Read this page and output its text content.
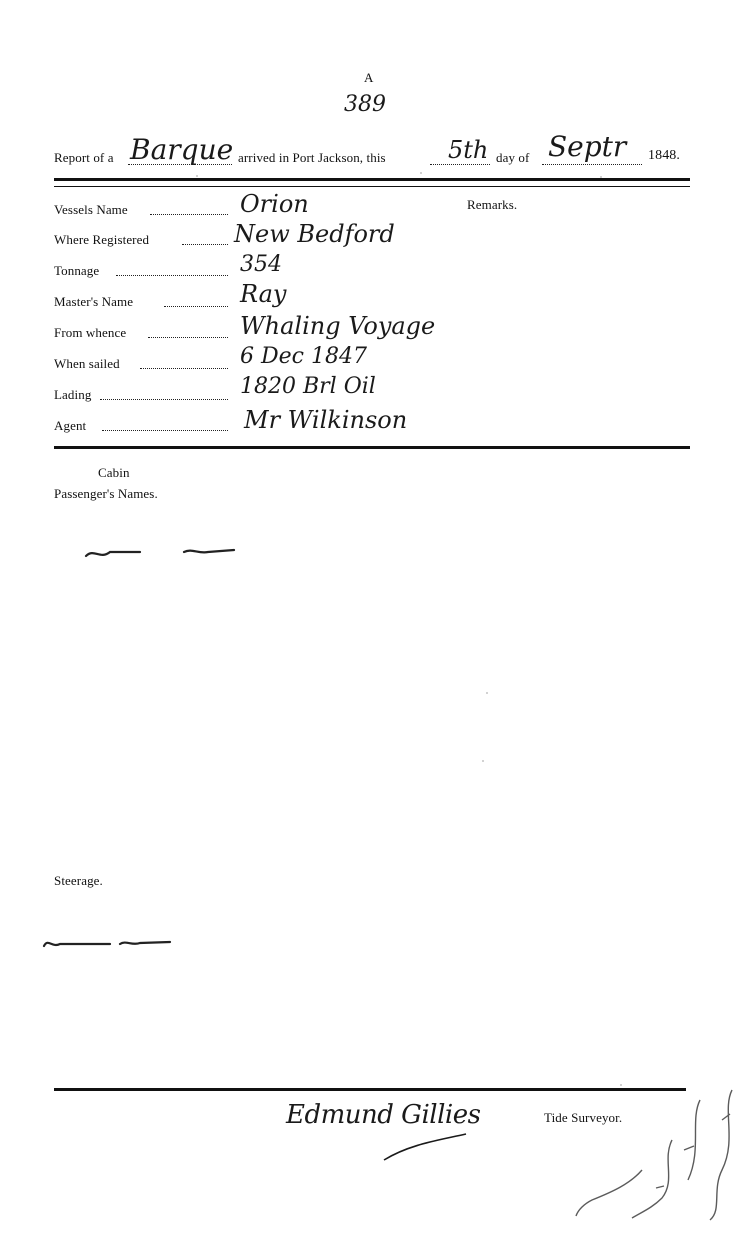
A
389
Report of a Barque arrived in Port Jackson, this	5th day of Septr 1848.
Remarks.
Vessels Name	Orion
Where Registered	New Bedford
Tonnage	354
Master's Name	Ray
From whence	Whaling Voyage
When sailed	6 Dec 1847
Lading	1820 Brl Oil
Agent	Mr Wilkinson
Cabin
Passenger's Names.
Steerage.
Edmund Gillies	Tide Surveyor.
